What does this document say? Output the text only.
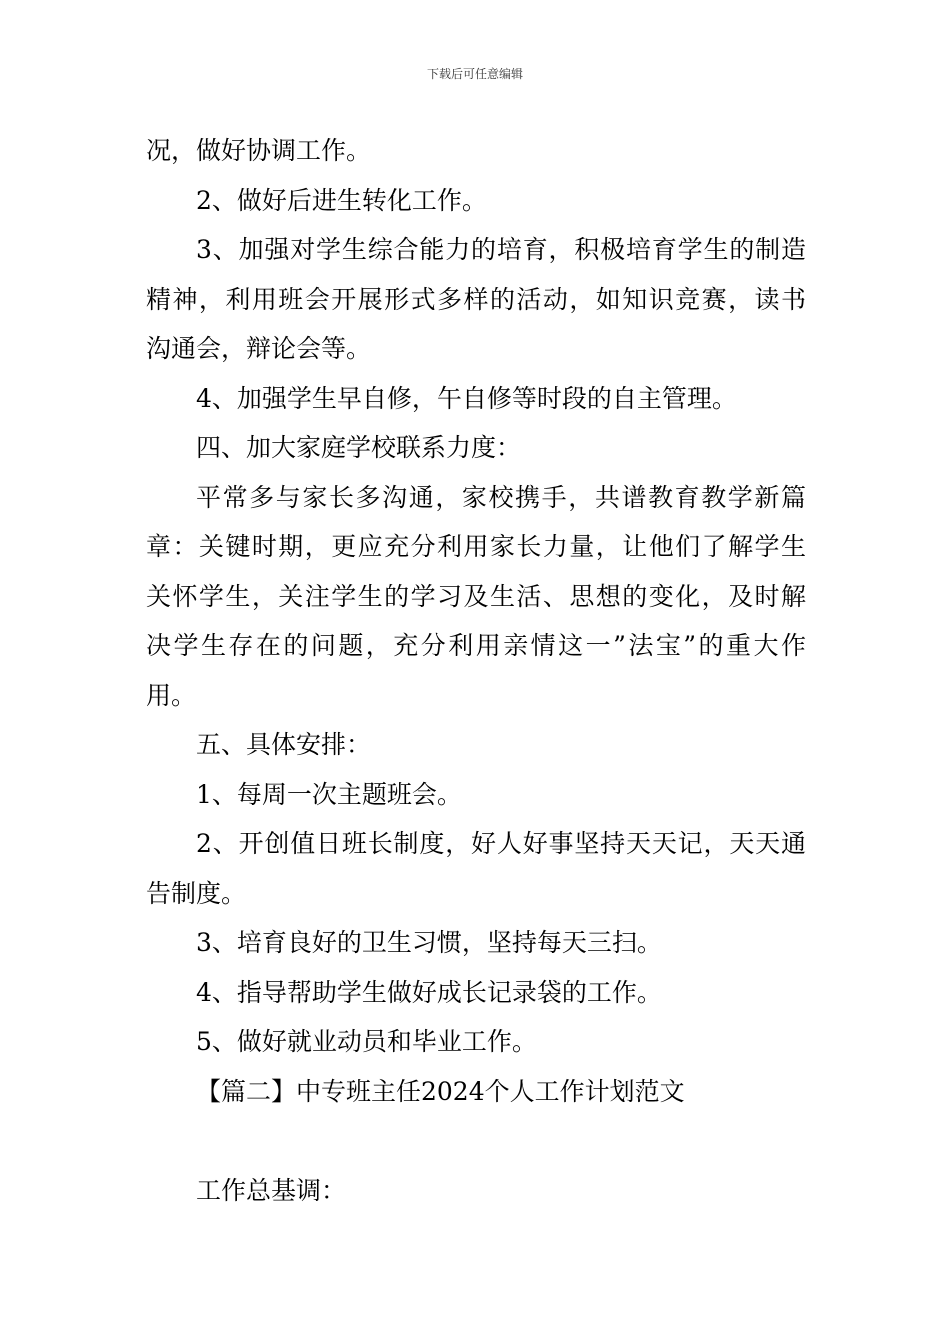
下载后可任意编辑
况，做好协调工作。
2、做好后进生转化工作。
3、加强对学生综合能力的培育，积极培育学生的制造
精神，利用班会开展形式多样的活动，如知识竞赛，读书
沟通会，辩论会等。
4、加强学生早自修，午自修等时段的自主管理。
四、加大家庭学校联系力度：
平常多与家长多沟通，家校携手，共谱教育教学新篇
章：关键时期，更应充分利用家长力量，让他们了解学生
关怀学生，关注学生的学习及生活、思想的变化，及时解
决学生存在的问题，充分利用亲情这一”法宝”的重大作
用。
五、具体安排：
1、每周一次主题班会。
2、开创值日班长制度，好人好事坚持天天记，天天通
告制度。
3、培育良好的卫生习惯，坚持每天三扫。
4、指导帮助学生做好成长记录袋的工作。
5、做好就业动员和毕业工作。
【篇二】中专班主任2024个人工作计划范文
工作总基调：
